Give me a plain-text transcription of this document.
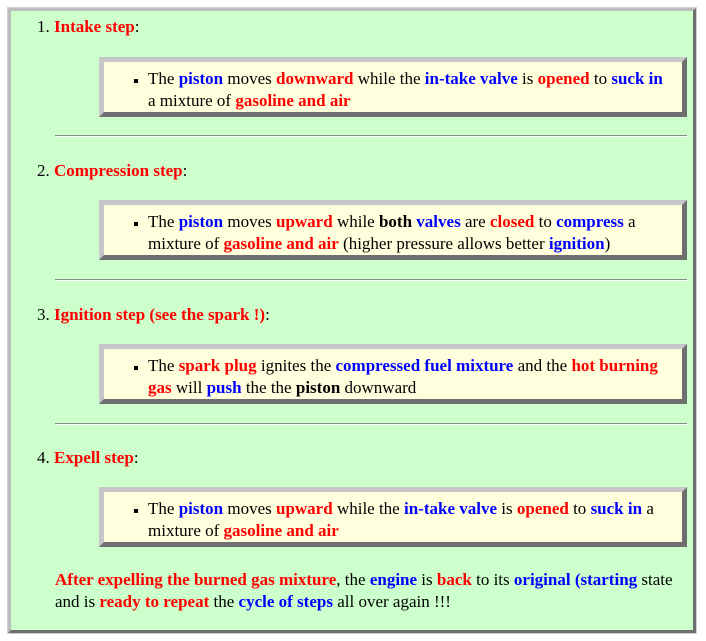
1. Intake step:
▪ The piston moves downward while the in-take valve is opened to suck in a mixture of gasoline and air
2. Compression step:
▪ The piston moves upward while both valves are closed to compress a mixture of gasoline and air (higher pressure allows better ignition)
3. Ignition step (see the spark !):
▪ The spark plug ignites the compressed fuel mixture and the hot burning gas will push the the piston downward
4. Expell step:
▪ The piston moves upward while the in-take valve is opened to suck in a mixture of gasoline and air
After expelling the burned gas mixture, the engine is back to its original (starting state and is ready to repeat the cycle of steps all over again !!!
